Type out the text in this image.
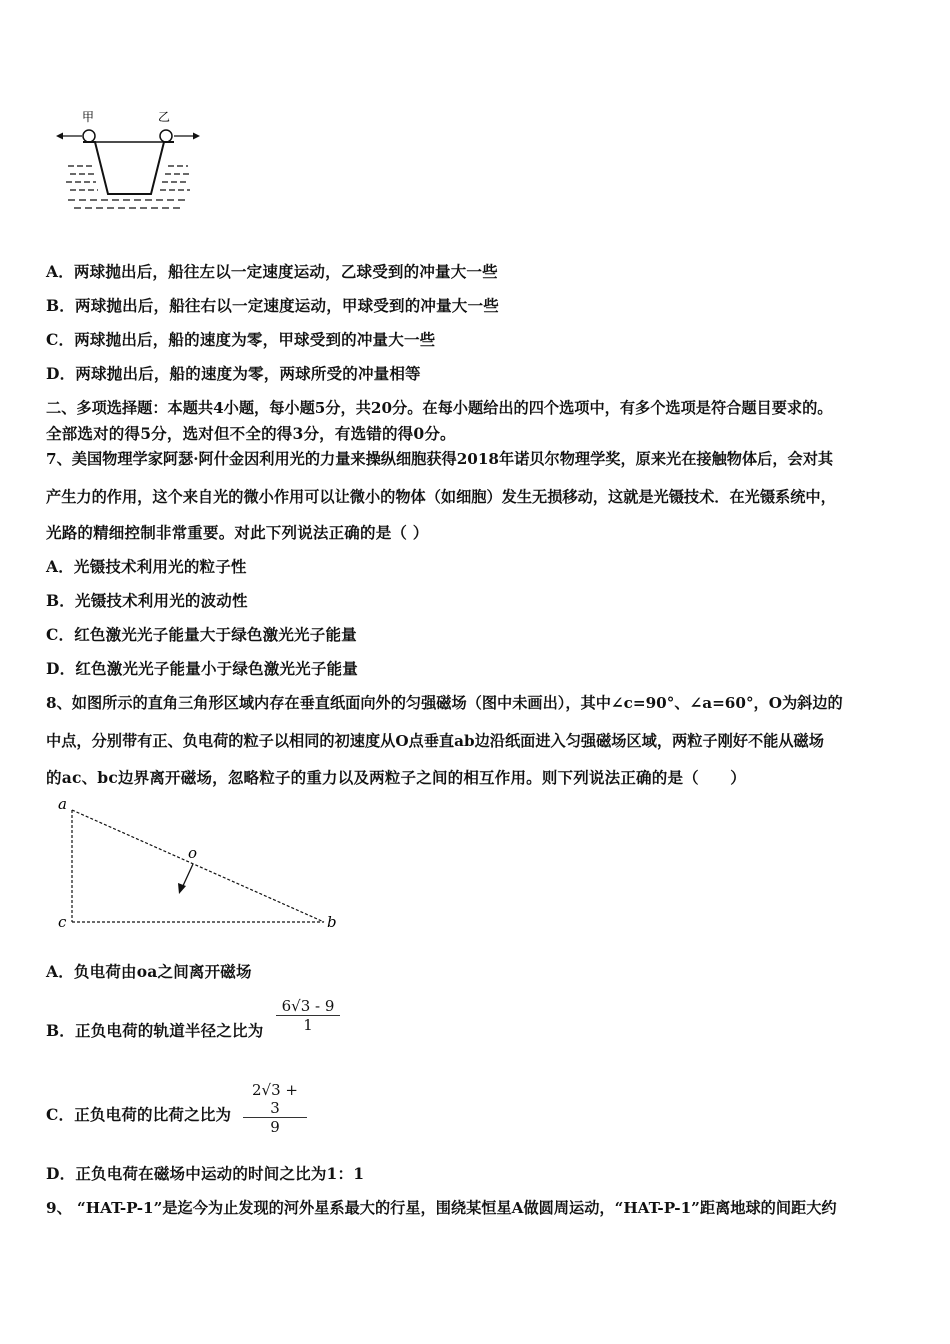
甲	乙
A．两球抛出后，船往左以一定速度运动，乙球受到的冲量大一些
B．两球抛出后，船往右以一定速度运动，甲球受到的冲量大一些
C．两球抛出后，船的速度为零，甲球受到的冲量大一些
D．两球抛出后，船的速度为零，两球所受的冲量相等
二、多项选择题：本题共4小题，每小题5分，共20分。在每小题给出的四个选项中，有多个选项是符合题目要求的。
全部选对的得5分，选对但不全的得3分，有选错的得0分。
7、美国物理学家阿瑟·阿什金因利用光的力量来操纵细胞获得2018年诺贝尔物理学奖，原来光在接触物体后，会对其
产生力的作用，这个来自光的微小作用可以让微小的物体（如细胞）发生无损移动，这就是光镊技术．在光镊系统中，
光路的精细控制非常重要。对此下列说法正确的是（ ）
A．光镊技术利用光的粒子性
B．光镊技术利用光的波动性
C．红色激光光子能量大于绿色激光光子能量
D．红色激光光子能量小于绿色激光光子能量
8、如图所示的直角三角形区域内存在垂直纸面向外的匀强磁场（图中未画出），其中∠c=90°、∠a=60°，O为斜边的
中点，分别带有正、负电荷的粒子以相同的初速度从O点垂直ab边沿纸面进入匀强磁场区域，两粒子刚好不能从磁场
的ac、bc边界离开磁场，忽略粒子的重力以及两粒子之间的相互作用。则下列说法正确的是（　　）
a
c	b
o
A．负电荷由oa之间离开磁场
B．正负电荷的轨道半径之比为 $\frac{6√3 - 9}{1}$
C．正负电荷的比荷之比为 $\frac{2√3 + 3}{9}$
D．正负电荷在磁场中运动的时间之比为1：1
9、 “HAT-P-1”是迄今为止发现的河外星系最大的行星，围绕某恒星A做圆周运动，“HAT-P-1”距离地球的间距大约
